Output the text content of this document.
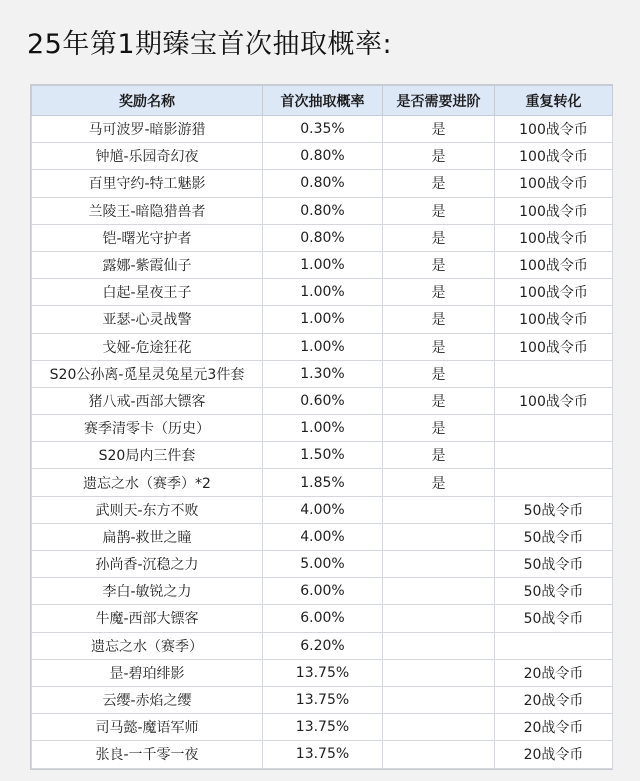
25年第1期臻宝首次抽取概率:
奖励名称	首次抽取概率	是否需要进阶	重复转化
马可波罗-暗影游猎	0.35%	是	100战令币
钟馗-乐园奇幻夜	0.80%	是	100战令币
百里守约-特工魅影	0.80%	是	100战令币
兰陵王-暗隐猎兽者	0.80%	是	100战令币
铠-曙光守护者	0.80%	是	100战令币
露娜-紫霞仙子	1.00%	是	100战令币
白起-星夜王子	1.00%	是	100战令币
亚瑟-心灵战警	1.00%	是	100战令币
戈娅-危途狂花	1.00%	是	100战令币
S20公孙离-觅星灵兔星元3件套	1.30%	是	
猪八戒-西部大镖客	0.60%	是	100战令币
赛季清零卡（历史）	1.00%	是	
S20局内三件套	1.50%	是	
遗忘之水（赛季）*2	1.85%	是	
武则天-东方不败	4.00%		50战令币
扁鹊-救世之瞳	4.00%		50战令币
孙尚香-沉稳之力	5.00%		50战令币
李白-敏锐之力	6.00%		50战令币
牛魔-西部大镖客	6.00%		50战令币
遗忘之水（赛季）	6.20%		
昰-碧珀绯影	13.75%		20战令币
云缨-赤焰之缨	13.75%		20战令币
司马懿-魔语军师	13.75%		20战令币
张良-一千零一夜	13.75%		20战令币
